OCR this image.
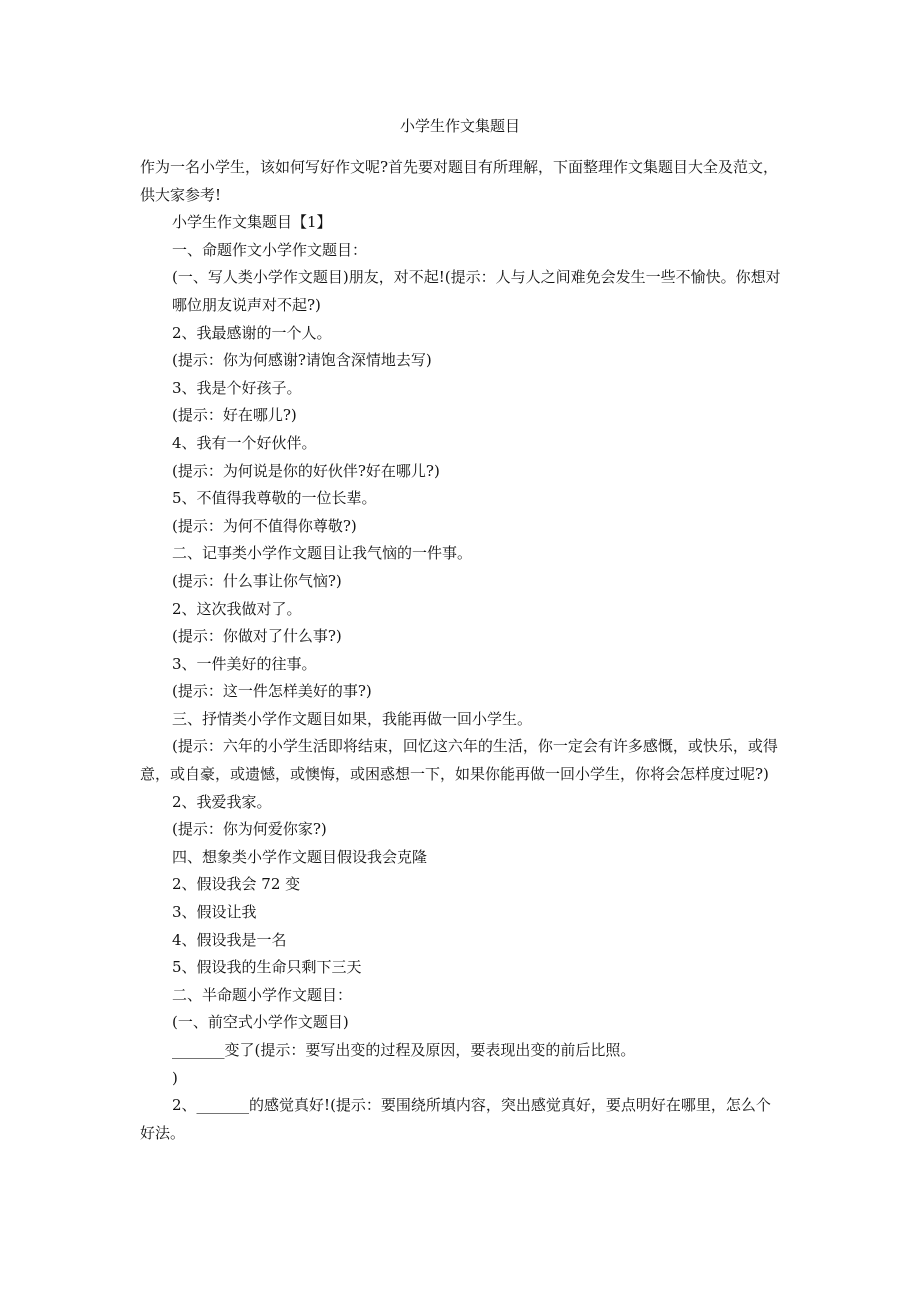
小学生作文集题目

作为一名小学生，该如何写好作文呢?首先要对题目有所理解，下面整理作文集题目大全及范文，供大家参考!

小学生作文集题目【1】

一、命题作文小学作文题目：

(一、写人类小学作文题目)朋友，对不起!(提示：人与人之间难免会发生一些不愉快。你想对哪位朋友说声对不起?)

2、我最感谢的一个人。

(提示：你为何感谢?请饱含深情地去写)

3、我是个好孩子。

(提示：好在哪儿?)

4、我有一个好伙伴。

(提示：为何说是你的好伙伴?好在哪儿?)

5、不值得我尊敬的一位长辈。

(提示：为何不值得你尊敬?)

二、记事类小学作文题目让我气恼的一件事。

(提示：什么事让你气恼?)

2、这次我做对了。

(提示：你做对了什么事?)

3、一件美好的往事。

(提示：这一件怎样美好的事?)

三、抒情类小学作文题目如果，我能再做一回小学生。

(提示：六年的小学生活即将结束，回忆这六年的生活，你一定会有许多感慨，或快乐，或得意，或自豪，或遗憾，或懊悔，或困惑想一下，如果你能再做一回小学生，你将会怎样度过呢?)

2、我爱我家。

(提示：你为何爱你家?)

四、想象类小学作文题目假设我会克隆

2、假设我会 72 变

3、假设让我

4、假设我是一名

5、假设我的生命只剩下三天

二、半命题小学作文题目：

(一、前空式小学作文题目)

_______变了(提示：要写出变的过程及原因，要表现出变的前后比照。

)

2、_______的感觉真好!(提示：要围绕所填内容，突出感觉真好，要点明好在哪里，怎么个好法。
